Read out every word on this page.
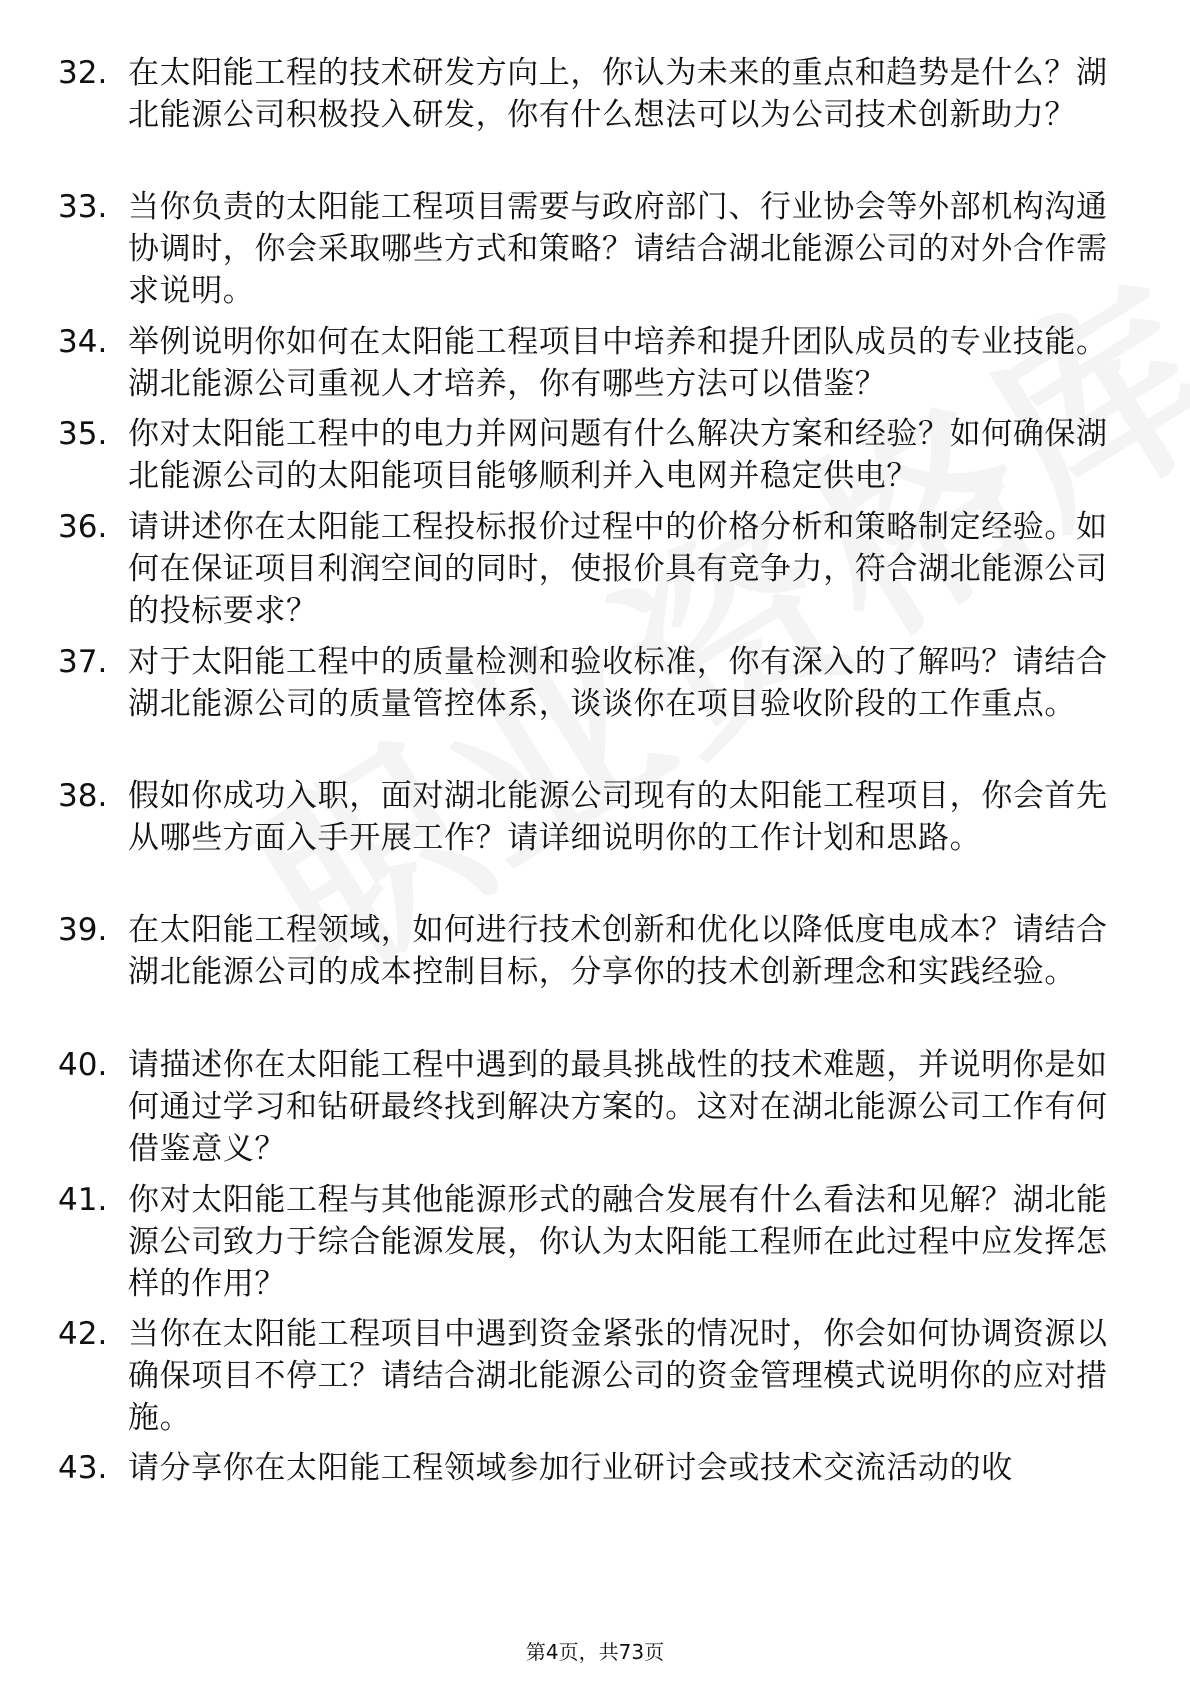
32. 在太阳能工程的技术研发方向上，你认为未来的重点和趋势是什么？湖北能源公司积极投入研发，你有什么想法可以为公司技术创新助力？
33. 当你负责的太阳能工程项目需要与政府部门、行业协会等外部机构沟通协调时，你会采取哪些方式和策略？请结合湖北能源公司的对外合作需求说明。
34. 举例说明你如何在太阳能工程项目中培养和提升团队成员的专业技能。湖北能源公司重视人才培养，你有哪些方法可以借鉴？
35. 你对太阳能工程中的电力并网问题有什么解决方案和经验？如何确保湖北能源公司的太阳能项目能够顺利并入电网并稳定供电？
36. 请讲述你在太阳能工程投标报价过程中的价格分析和策略制定经验。如何在保证项目利润空间的同时，使报价具有竞争力，符合湖北能源公司的投标要求？
37. 对于太阳能工程中的质量检测和验收标准，你有深入的了解吗？请结合湖北能源公司的质量管控体系，谈谈你在项目验收阶段的工作重点。
38. 假如你成功入职，面对湖北能源公司现有的太阳能工程项目，你会首先从哪些方面入手开展工作？请详细说明你的工作计划和思路。
39. 在太阳能工程领域，如何进行技术创新和优化以降低度电成本？请结合湖北能源公司的成本控制目标，分享你的技术创新理念和实践经验。
40. 请描述你在太阳能工程中遇到的最具挑战性的技术难题，并说明你是如何通过学习和钻研最终找到解决方案的。这对在湖北能源公司工作有何借鉴意义？
41. 你对太阳能工程与其他能源形式的融合发展有什么看法和见解？湖北能源公司致力于综合能源发展，你认为太阳能工程师在此过程中应发挥怎样的作用？
42. 当你在太阳能工程项目中遇到资金紧张的情况时，你会如何协调资源以确保项目不停工？请结合湖北能源公司的资金管理模式说明你的应对措施。
43. 请分享你在太阳能工程领域参加行业研讨会或技术交流活动的收
第4页，共73页
